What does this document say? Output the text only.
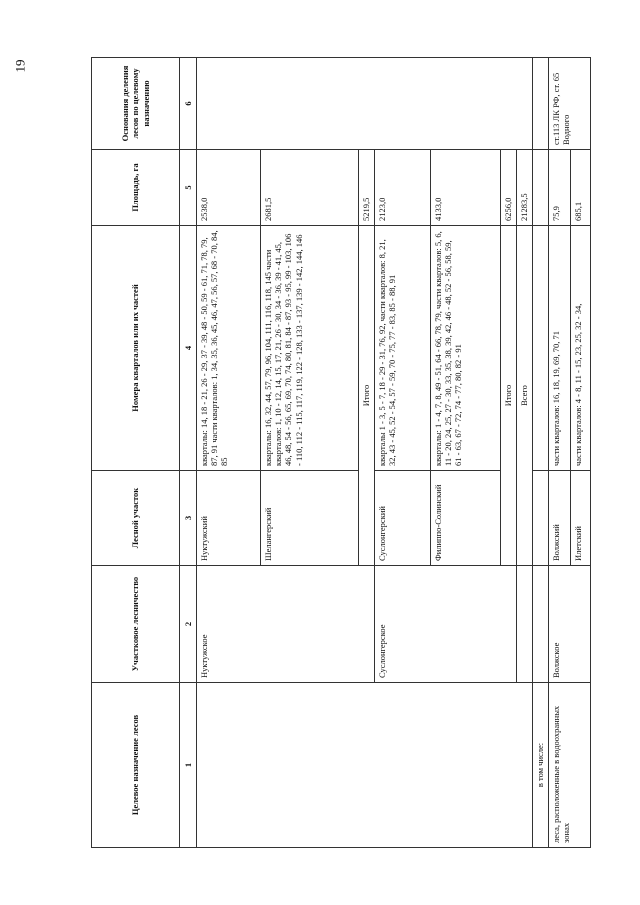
19
Целевое назначение лесов	Участковое лесничество	Лесной участок	Номера кварталов или их частей	Площадь, га	Основания деления лесов по целевому назначению
1	2	3	4	5	6
	Нуктужское	Нуктужский	кварталы: 14, 18 - 21, 26 - 29, 37 - 39, 48 - 50, 59 - 61, 71, 78, 79, 87, 91 части кварталов: 1, 34, 35, 36, 45, 46, 47, 56, 57, 68 - 70, 84, 85	2538,0	
		Шелангерский	кварталы: 16, 32, 44, 57, 79, 96, 104, 111, 116, 118, 145 части кварталов: 1, 10 - 12, 14, 15, 17, 21, 26 - 30, 34 - 36, 39 - 41, 45, 46, 48, 54 - 56, 65, 69, 70, 74, 80, 81, 84 - 87, 93 - 95, 99 - 103, 106 - 110, 112 - 115, 117, 119, 122 - 128, 133 - 137, 139 - 142, 144, 146	2681,5	
		Итого		5219,5	
	Суслонгерское	Суслонгерский	кварталы 1 - 3, 5 - 7, 18 - 29 - 31, 76, 92, части кварталов: 8, 21, 32, 43 - 45, 52 - 54, 57 - 59, 70 - 75, 77 - 83, 85 - 88, 91	2123,0	
		Филиппо-Солинский	кварталы: 1 - 4, 7, 8, 49 - 51, 64 - 66, 78, 79, части кварталов: 5, 6, 11 - 20, 24, 25, 27 - 30, 33, 35, 38, 39, 42, 46 - 48, 52 - 56, 58, 59, 61 - 63, 67 - 72, 74 - 77, 80, 82 - 91	4133,0	
		Итого		6256,0	
		Всего		21283,5	
в том числе:					
леса, расположенные в водоохранных зонах	Волжское	Волжский	части кварталов: 16, 18, 19, 69, 70, 71	75,9	ст.113 ЛК РФ, ст. 65 Водного
		Илетский	части кварталов: 4 - 8, 11 - 15, 23, 25, 32 - 34,	685,1	
